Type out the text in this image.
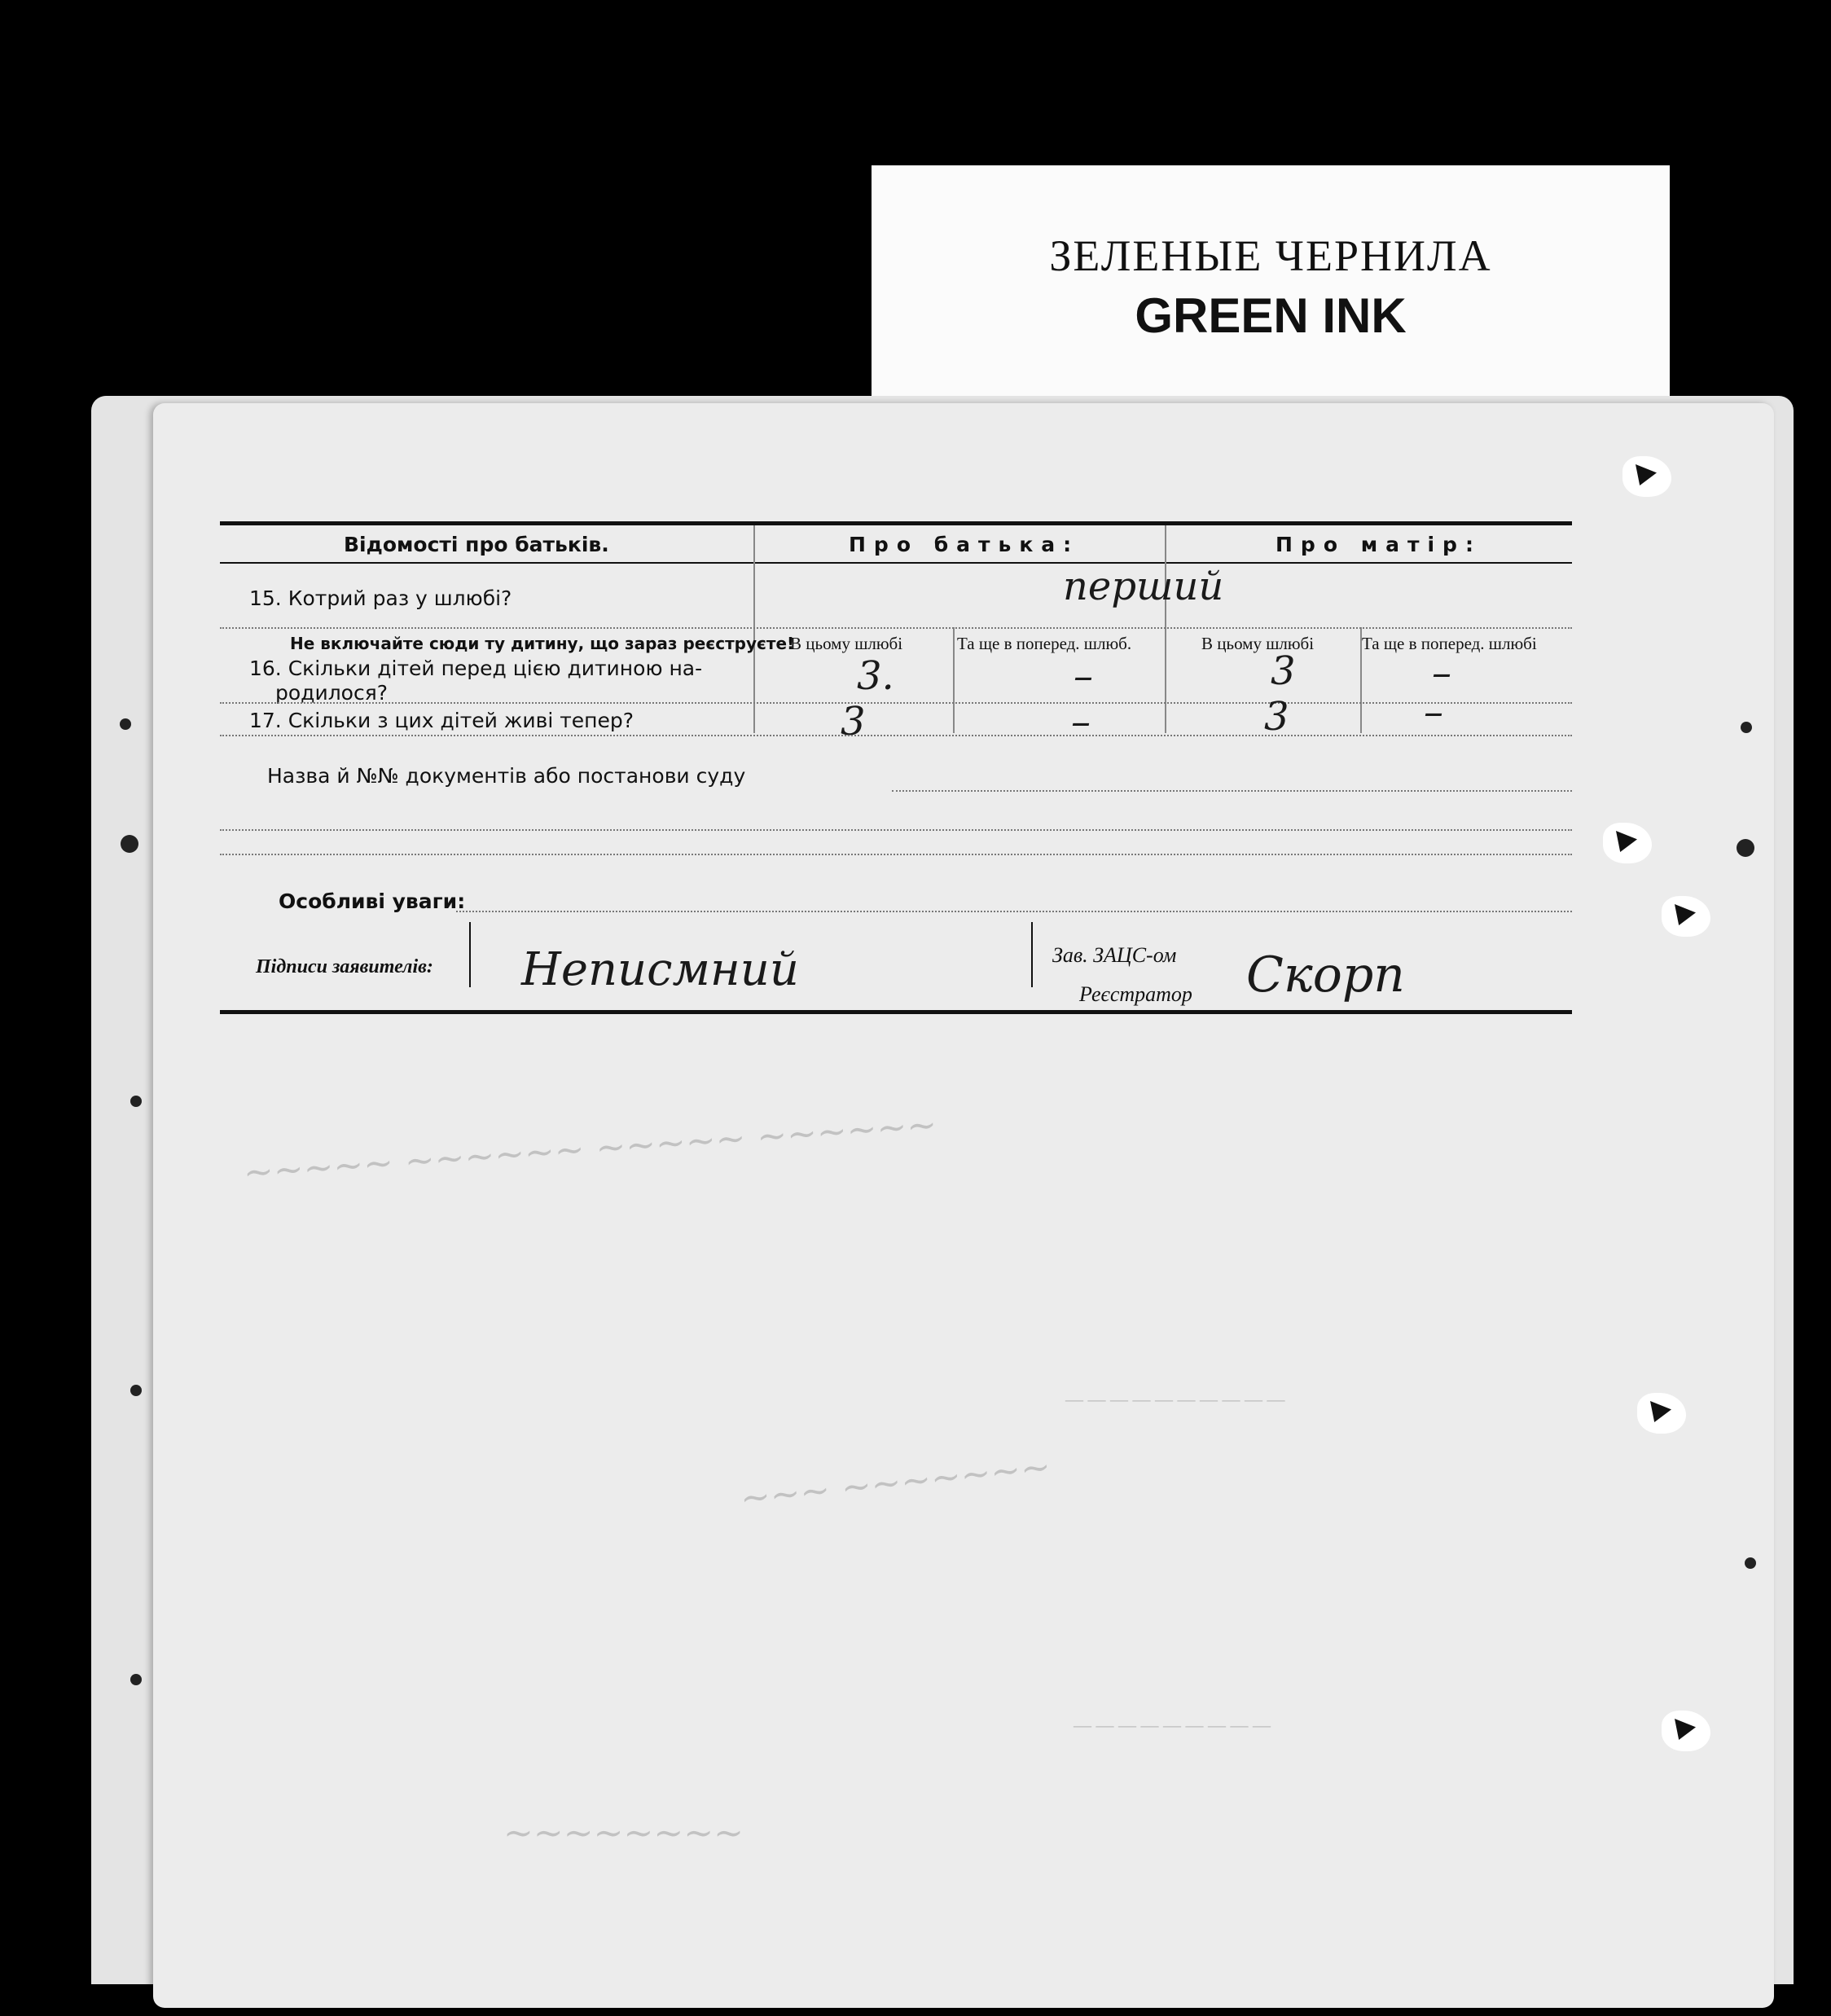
ЗЕЛЕНЫЕ ЧЕРНИЛА
GREEN INK
~~~~~ ~~~~~~ ~~~~~ ~~~~~~
~~~ ~~~~~~~
~~~~~~~~
— — — — — — — — — —
— — — — — — — — —
Відомості про батьків.	Про батька:	Про матір:
15. Котрий раз у шлюбі?	перший
Не включайте сюди ту дитину, що зараз реєструєте!
16. Скільки дітей перед цією дитиною на-
родилося?
В цьому шлюбі	Та ще в поперед. шлюб.	В цьому шлюбі	Та ще в поперед. шлюбі
3.	–	3	–
17. Скільки з цих дітей живі тепер?	3	–	3	–
Назва й №№ документів або постанови суду
Особливі уваги:
Підписи заявителів: Непиcмний	Зав. ЗАЦС-ом
Реєстратор Скорп
